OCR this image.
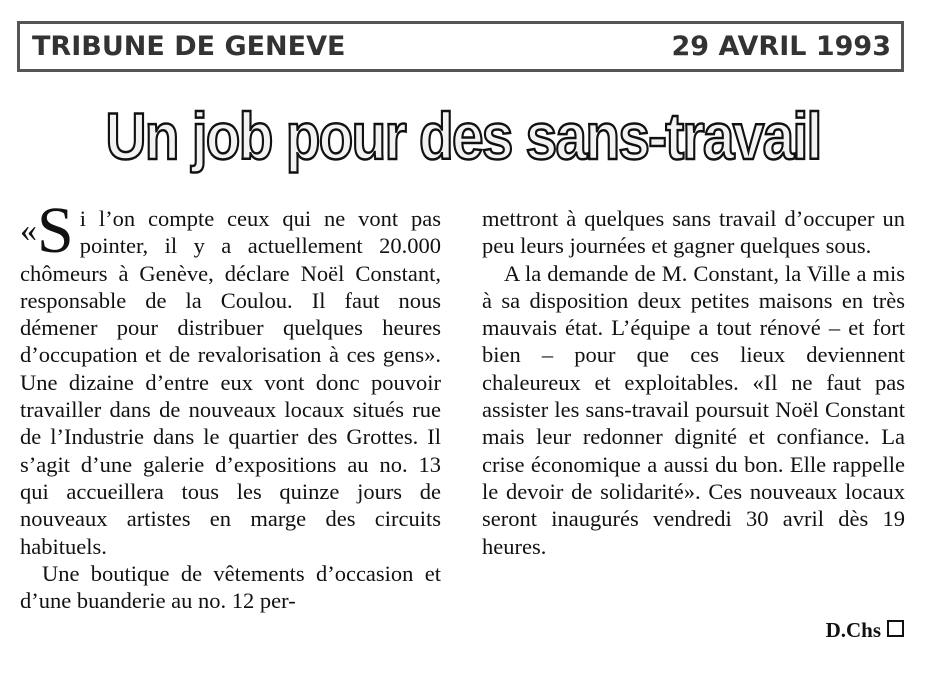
TRIBUNE DE GENEVE	29 AVRIL 1993
Un job pour des sans-travail

«S i l’on compte ceux qui ne vont pas pointer, il y a actuellement 20.000 chômeurs à Genève, déclare Noël Constant, responsable de la Coulou. Il faut nous démener pour distribuer quelques heures d’occupation et de revalorisation à ces gens». Une dizaine d’entre eux vont donc pouvoir travailler dans de nouveaux locaux situés rue de l’Industrie dans le quartier des Grottes. Il s’agit d’une galerie d’expositions au no. 13 qui accueillera tous les quinze jours de nouveaux artistes en marge des circuits habituels.

Une boutique de vêtements d’occasion et d’une buanderie au no. 12 per-

mettront à quelques sans travail d’occuper un peu leurs journées et gagner quelques sous.

A la demande de M. Constant, la Ville a mis à sa disposition deux petites maisons en très mauvais état. L’équipe a tout rénové – et fort bien – pour que ces lieux deviennent chaleureux et exploitables. «Il ne faut pas assister les sans-travail poursuit Noël Constant mais leur redonner dignité et confiance. La crise économique a aussi du bon. Elle rappelle le devoir de solidarité». Ces nouveaux locaux seront inaugurés vendredi 30 avril dès 19 heures.

D.Chs
